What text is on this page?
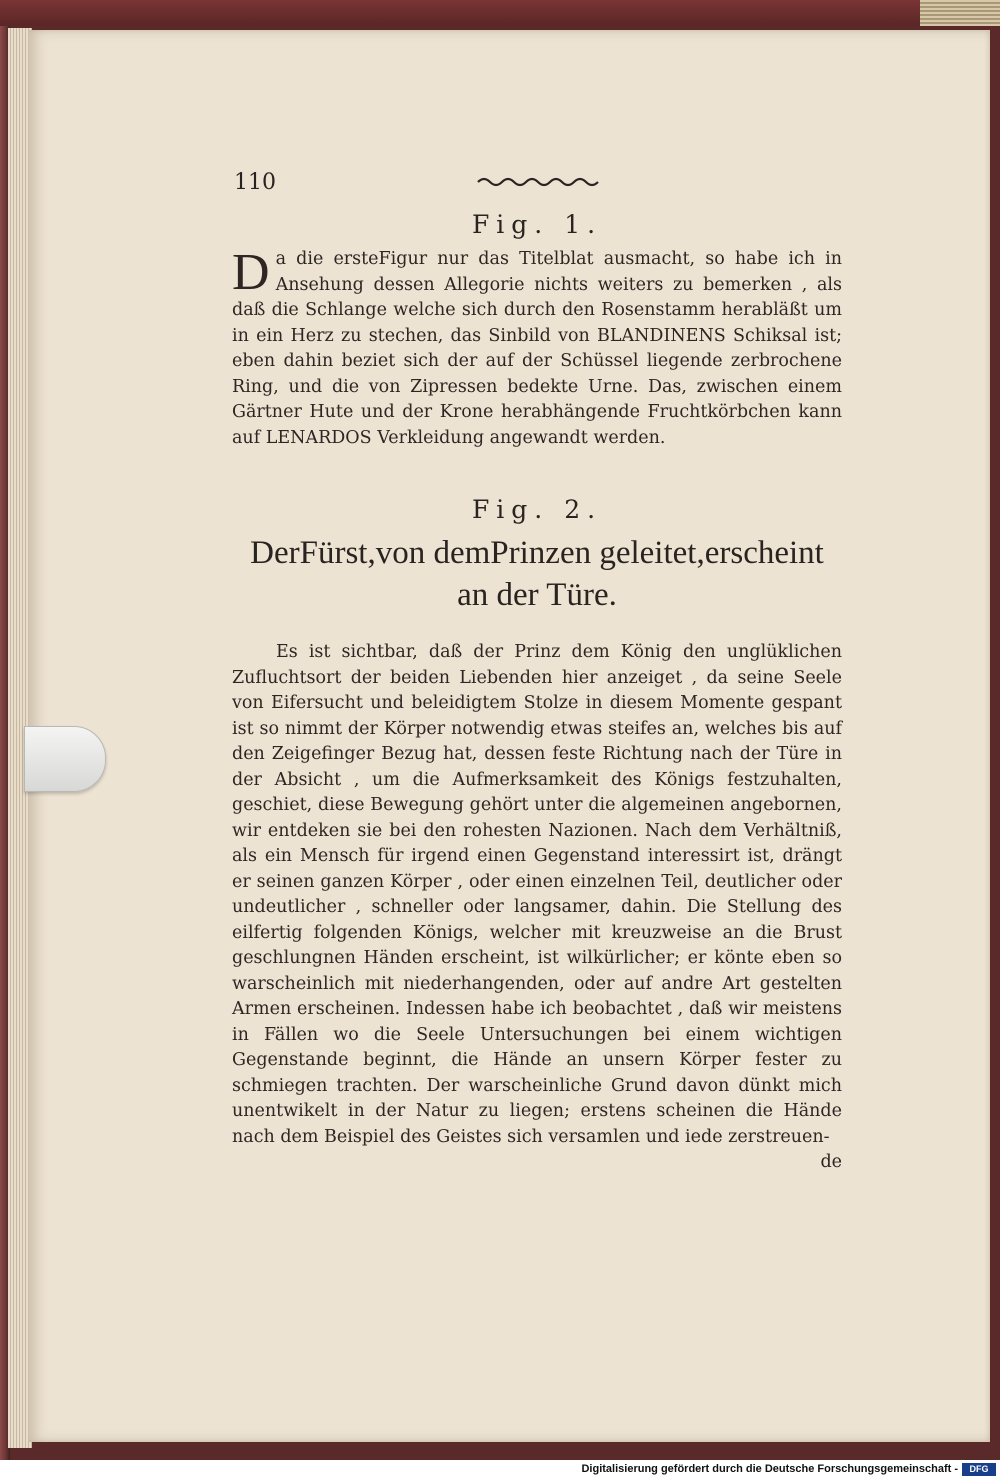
110
Fig. 1.
Da die ersteFigur nur das Titelblat ausmacht, so habe ich in Ansehung dessen Allegorie nichts weiters zu bemerken , als daß die Schlange welche sich durch den Rosenstamm herabläßt um in ein Herz zu stechen, das Sinbild von BLANDINENS Schiksal ist; eben dahin beziet sich der auf der Schüssel liegende zerbrochene Ring, und die von Zipressen bedekte Urne. Das, zwischen einem Gärtner Hute und der Krone herabhängende Fruchtkörbchen kann auf LENARDOS Verkleidung angewandt werden.
Fig. 2.
DerFürst,von demPrinzen geleitet,erscheint
an der Türe.
Es ist sichtbar, daß der Prinz dem König den unglüklichen Zufluchtsort der beiden Liebenden hier anzeiget , da seine Seele von Eifersucht und beleidigtem Stolze in diesem Momente gespant ist so nimmt der Körper notwendig etwas steifes an, welches bis auf den Zeigefinger Bezug hat, dessen feste Richtung nach der Türe in der Absicht , um die Aufmerksamkeit des Königs festzuhalten, geschiet, diese Bewegung gehört unter die algemeinen angebornen, wir entdeken sie bei den rohesten Nazionen. Nach dem Verhältniß, als ein Mensch für irgend einen Gegenstand interessirt ist, drängt er seinen ganzen Körper , oder einen einzelnen Teil, deutlicher oder undeutlicher , schneller oder langsamer, dahin. Die Stellung des eilfertig folgenden Königs, welcher mit kreuzweise an die Brust geschlungnen Händen erscheint, ist wilkürlicher; er könte eben so warscheinlich mit niederhangenden, oder auf andre Art gestelten Armen erscheinen. Indessen habe ich beobachtet , daß wir meistens in Fällen wo die Seele Untersuchungen bei einem wichtigen Gegenstande beginnt, die Hände an unsern Körper fester zu schmiegen trachten. Der warscheinliche Grund davon dünkt mich unentwikelt in der Natur zu liegen; erstens scheinen die Hände nach dem Beispiel des Geistes sich versamlen und iede zerstreuen-
de
Digitalisierung gefördert durch die Deutsche Forschungsgemeinschaft -	DFG
